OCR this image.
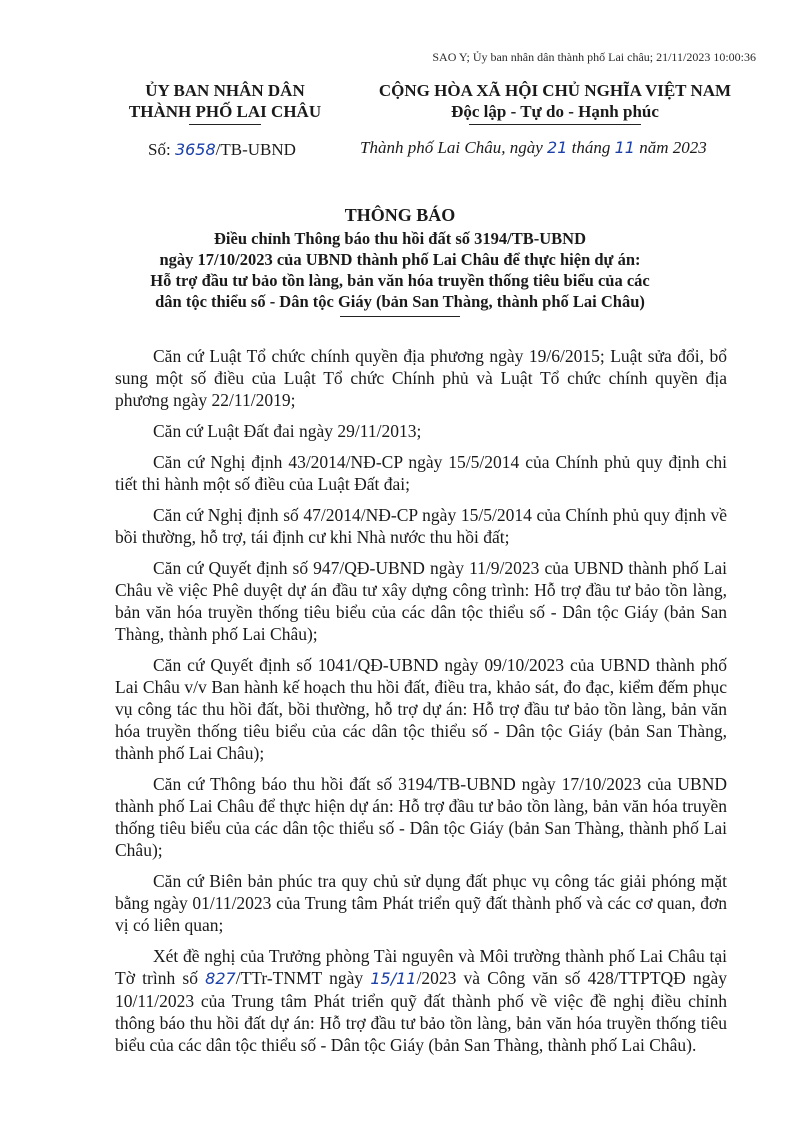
SAO Y; Ủy ban nhân dân thành phố Lai châu; 21/11/2023 10:00:36
ỦY BAN NHÂN DÂN
THÀNH PHỐ LAI CHÂU
CỘNG HÒA XÃ HỘI CHỦ NGHĨA VIỆT NAM
Độc lập - Tự do - Hạnh phúc
Số: 3658/TB-UBND	Thành phố Lai Châu, ngày 21 tháng 11 năm 2023
THÔNG BÁO
Điều chỉnh Thông báo thu hồi đất số 3194/TB-UBND
ngày 17/10/2023 của UBND thành phố Lai Châu để thực hiện dự án:
Hỗ trợ đầu tư bảo tồn làng, bản văn hóa truyền thống tiêu biểu của các
dân tộc thiểu số - Dân tộc Giáy (bản San Thàng, thành phố Lai Châu)

Căn cứ Luật Tổ chức chính quyền địa phương ngày 19/6/2015; Luật sửa đổi, bổ sung một số điều của Luật Tổ chức Chính phủ và Luật Tổ chức chính quyền địa phương ngày 22/11/2019;

Căn cứ Luật Đất đai ngày 29/11/2013;

Căn cứ Nghị định 43/2014/NĐ-CP ngày 15/5/2014 của Chính phủ quy định chi tiết thi hành một số điều của Luật Đất đai;

Căn cứ Nghị định số 47/2014/NĐ-CP ngày 15/5/2014 của Chính phủ quy định về bồi thường, hỗ trợ, tái định cư khi Nhà nước thu hồi đất;

Căn cứ Quyết định số 947/QĐ-UBND ngày 11/9/2023 của UBND thành phố Lai Châu về việc Phê duyệt dự án đầu tư xây dựng công trình: Hỗ trợ đầu tư bảo tồn làng, bản văn hóa truyền thống tiêu biểu của các dân tộc thiểu số - Dân tộc Giáy (bản San Thàng, thành phố Lai Châu);

Căn cứ Quyết định số 1041/QĐ-UBND ngày 09/10/2023 của UBND thành phố Lai Châu v/v Ban hành kế hoạch thu hồi đất, điều tra, khảo sát, đo đạc, kiểm đếm phục vụ công tác thu hồi đất, bồi thường, hỗ trợ dự án: Hỗ trợ đầu tư bảo tồn làng, bản văn hóa truyền thống tiêu biểu của các dân tộc thiểu số - Dân tộc Giáy (bản San Thàng, thành phố Lai Châu);

Căn cứ Thông báo thu hồi đất số 3194/TB-UBND ngày 17/10/2023 của UBND thành phố Lai Châu để thực hiện dự án: Hỗ trợ đầu tư bảo tồn làng, bản văn hóa truyền thống tiêu biểu của các dân tộc thiểu số - Dân tộc Giáy (bản San Thàng, thành phố Lai Châu);

Căn cứ Biên bản phúc tra quy chủ sử dụng đất phục vụ công tác giải phóng mặt bằng ngày 01/11/2023 của Trung tâm Phát triển quỹ đất thành phố và các cơ quan, đơn vị có liên quan;

Xét đề nghị của Trưởng phòng Tài nguyên và Môi trường thành phố Lai Châu tại Tờ trình số 827/TTr-TNMT ngày 15/11/2023 và Công văn số 428/TTPTQĐ ngày 10/11/2023 của Trung tâm Phát triển quỹ đất thành phố về việc đề nghị điều chỉnh thông báo thu hồi đất dự án: Hỗ trợ đầu tư bảo tồn làng, bản văn hóa truyền thống tiêu biểu của các dân tộc thiểu số - Dân tộc Giáy (bản San Thàng, thành phố Lai Châu).
